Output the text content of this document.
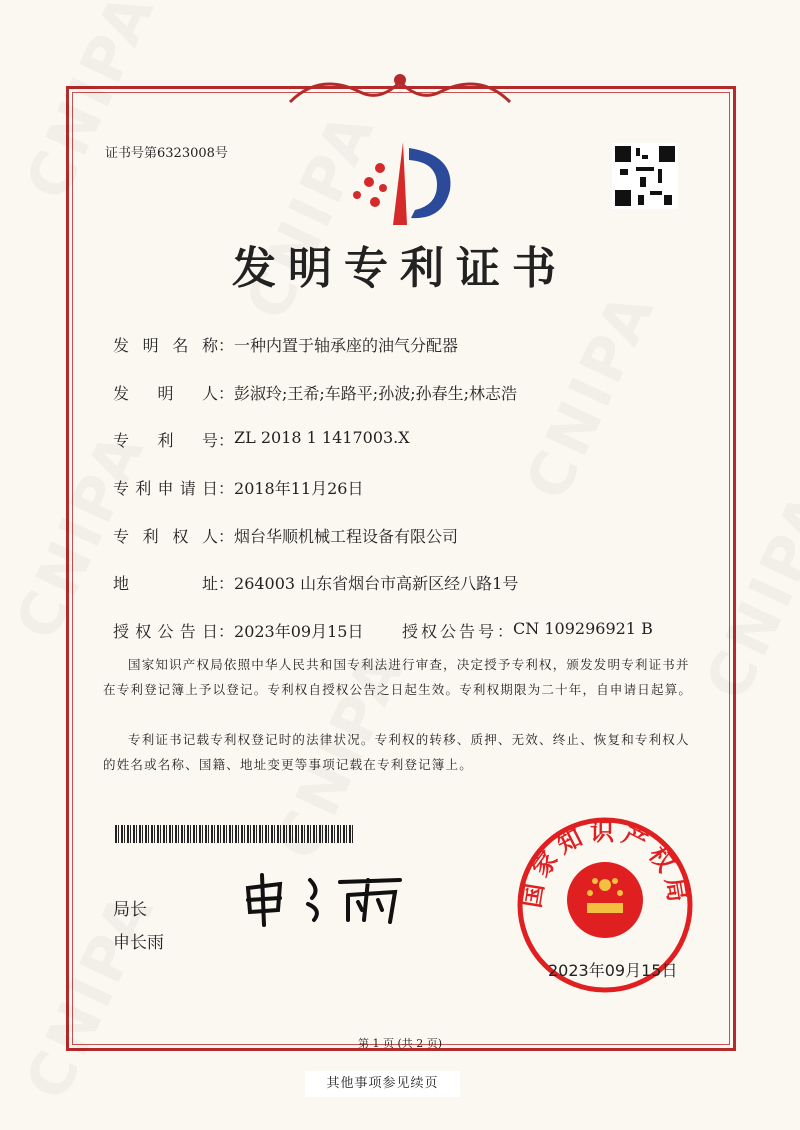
证书号第6323008号
发明专利证书
发 明 名 称 ： 一种内置于轴承座的油气分配器
发 明 人 ： 彭淑玲;王希;车路平;孙波;孙春生;林志浩
专 利 号 ： ZL 2018 1 1417003.X
专 利 申 请 日 ： 2018年11月26日
专 利 权 人 ： 烟台华顺机械工程设备有限公司
地	址 ： 264003 山东省烟台市高新区经八路1号
授 权 公 告 日 ： 2023年09月15日 授权公告号 ： CN 109296921 B
国家知识产权局依照中华人民共和国专利法进行审查，决定授予专利权，颁发发明专利证书并在专利登记簿上予以登记。专利权自授权公告之日起生效。专利权期限为二十年，自申请日起算。
专利证书记载专利权登记时的法律状况。专利权的转移、质押、无效、终止、恢复和专利权人的姓名或名称、国籍、地址变更等事项记载在专利登记簿上。
局长
申长雨
国家知识产权局
2023年09月15日
第 1 页 (共 2 页)
其他事项参见续页
